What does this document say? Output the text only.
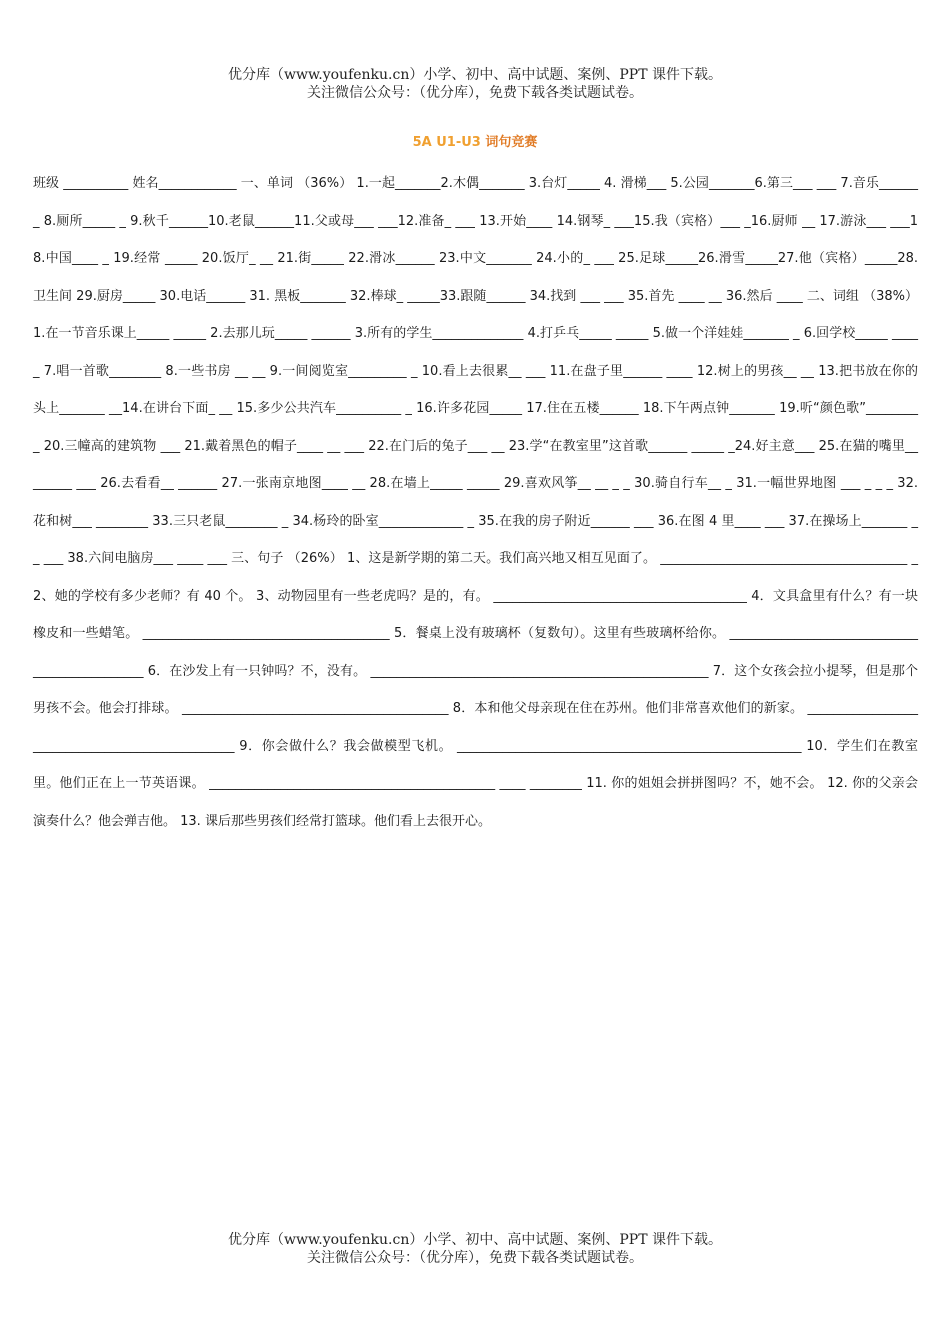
优分库（www.youfenku.cn）小学、初中、高中试题、案例、PPT 课件下载。
关注微信公众号：（优分库），免费下载各类试题试卷。
5A U1-U3 词句竞赛
班级 __________ 姓名____________ 一、单词 （36%） 1.一起_______2.木偶_______ 3.台灯_____ 4. 滑梯___ 5.公园_______6.第三___ ___ 7.音乐_______ 8.厕所_____ _ 9.秋千______10.老鼠______11.父或母___ ___12.准备_ ___ 13.开始____ 14.钢琴_ ___15.我（宾格）___ _16.厨师 __ 17.游泳___ ___18.中国____ _ 19.经常 _____ 20.饭厅_ __ 21.街_____ 22.滑冰______ 23.中文_______ 24.小的_ ___ 25.足球_____26.滑雪_____27.他（宾格）_____28.卫生间 29.厨房_____ 30.电话______ 31. 黑板_______ 32.棒球_ _____33.跟随______ 34.找到 ___ ___ 35.首先 ____ __ 36.然后 ____ 二、词组 （38%） 1.在一节音乐课上_____ _____ 2.去那儿玩_____ ______ 3.所有的学生______________ 4.打乒乓_____ _____ 5.做一个洋娃娃_______ _ 6.回学校_____ _____ 7.唱一首歌________ 8.一些书房 __ __ 9.一间阅览室_________ _ 10.看上去很累__ ___ 11.在盘子里______ ____ 12.树上的男孩__ __ 13.把书放在你的头上_______ __14.在讲台下面_ __ 15.多少公共汽车__________ _ 16.许多花园_____ 17.住在五楼______ 18.下午两点钟_______ 19.听“颜色歌”_________ 20.三幢高的建筑物 ___ 21.戴着黑色的帽子____ __ ___ 22.在门后的兔子___ __ 23.学“在教室里”这首歌______ _____ _24.好主意___ 25.在猫的嘴里__ ______ ___ 26.去看看__ ______ 27.一张南京地图____ __ 28.在墙上_____ _____ 29.喜欢风筝__ __ _ _ 30.骑自行车__ _ 31.一幅世界地图 ___ _ _ _ 32. 花和树___ ________ 33.三只老鼠________ _ 34.杨玲的卧室_____________ _ 35.在我的房子附近______ ___ 36.在图 4 里____ ___ 37.在操场上_______ _ _ ___ 38.六间电脑房___ ____ ___ 三、句子 （26%） 1、这是新学期的第二天。我们高兴地又相互见面了。 ______________________________________ _ 2、她的学校有多少老师？有 40 个。 3、动物园里有一些老虎吗？是的，有。 _______________________________________ 4．文具盒里有什么？有一块橡皮和一些蜡笔。 ______________________________________ 5．餐桌上没有玻璃杯（复数句）。这里有些玻璃杯给你。 ______________________________________________ 6．在沙发上有一只钟吗？不，没有。 ____________________________________________________ 7．这个女孩会拉小提琴，但是那个男孩不会。他会打排球。 _________________________________________ 8．本和他父母亲现在住在苏州。他们非常喜欢他们的新家。 ________________________________________________ 9．你会做什么？我会做模型飞机。 _____________________________________________________ 10．学生们在教室里。他们正在上一节英语课。 ____________________________________________ ____ ________ 11. 你的姐姐会拼拼图吗？不，她不会。 12. 你的父亲会演奏什么？他会弹吉他。 13. 课后那些男孩们经常打篮球。他们看上去很开心。
优分库（www.youfenku.cn）小学、初中、高中试题、案例、PPT 课件下载。
关注微信公众号：（优分库），免费下载各类试题试卷。
